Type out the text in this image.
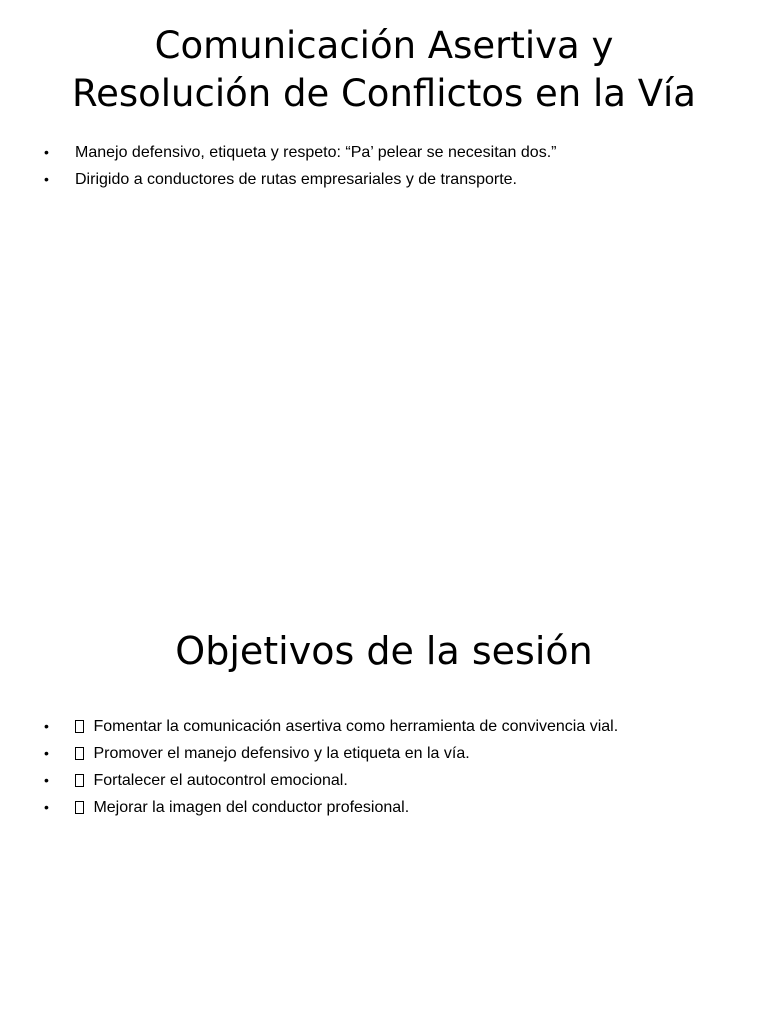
Comunicación Asertiva y
Resolución de Conflictos en la Vía
•	Manejo defensivo, etiqueta y respeto: “Pa’ pelear se necesitan dos.”
•	Dirigido a conductores de rutas empresariales y de transporte.
Objetivos de la sesión
•	Fomentar la comunicación asertiva como herramienta de convivencia vial.
•	Promover el manejo defensivo y la etiqueta en la vía.
•	Fortalecer el autocontrol emocional.
•	Mejorar la imagen del conductor profesional.
